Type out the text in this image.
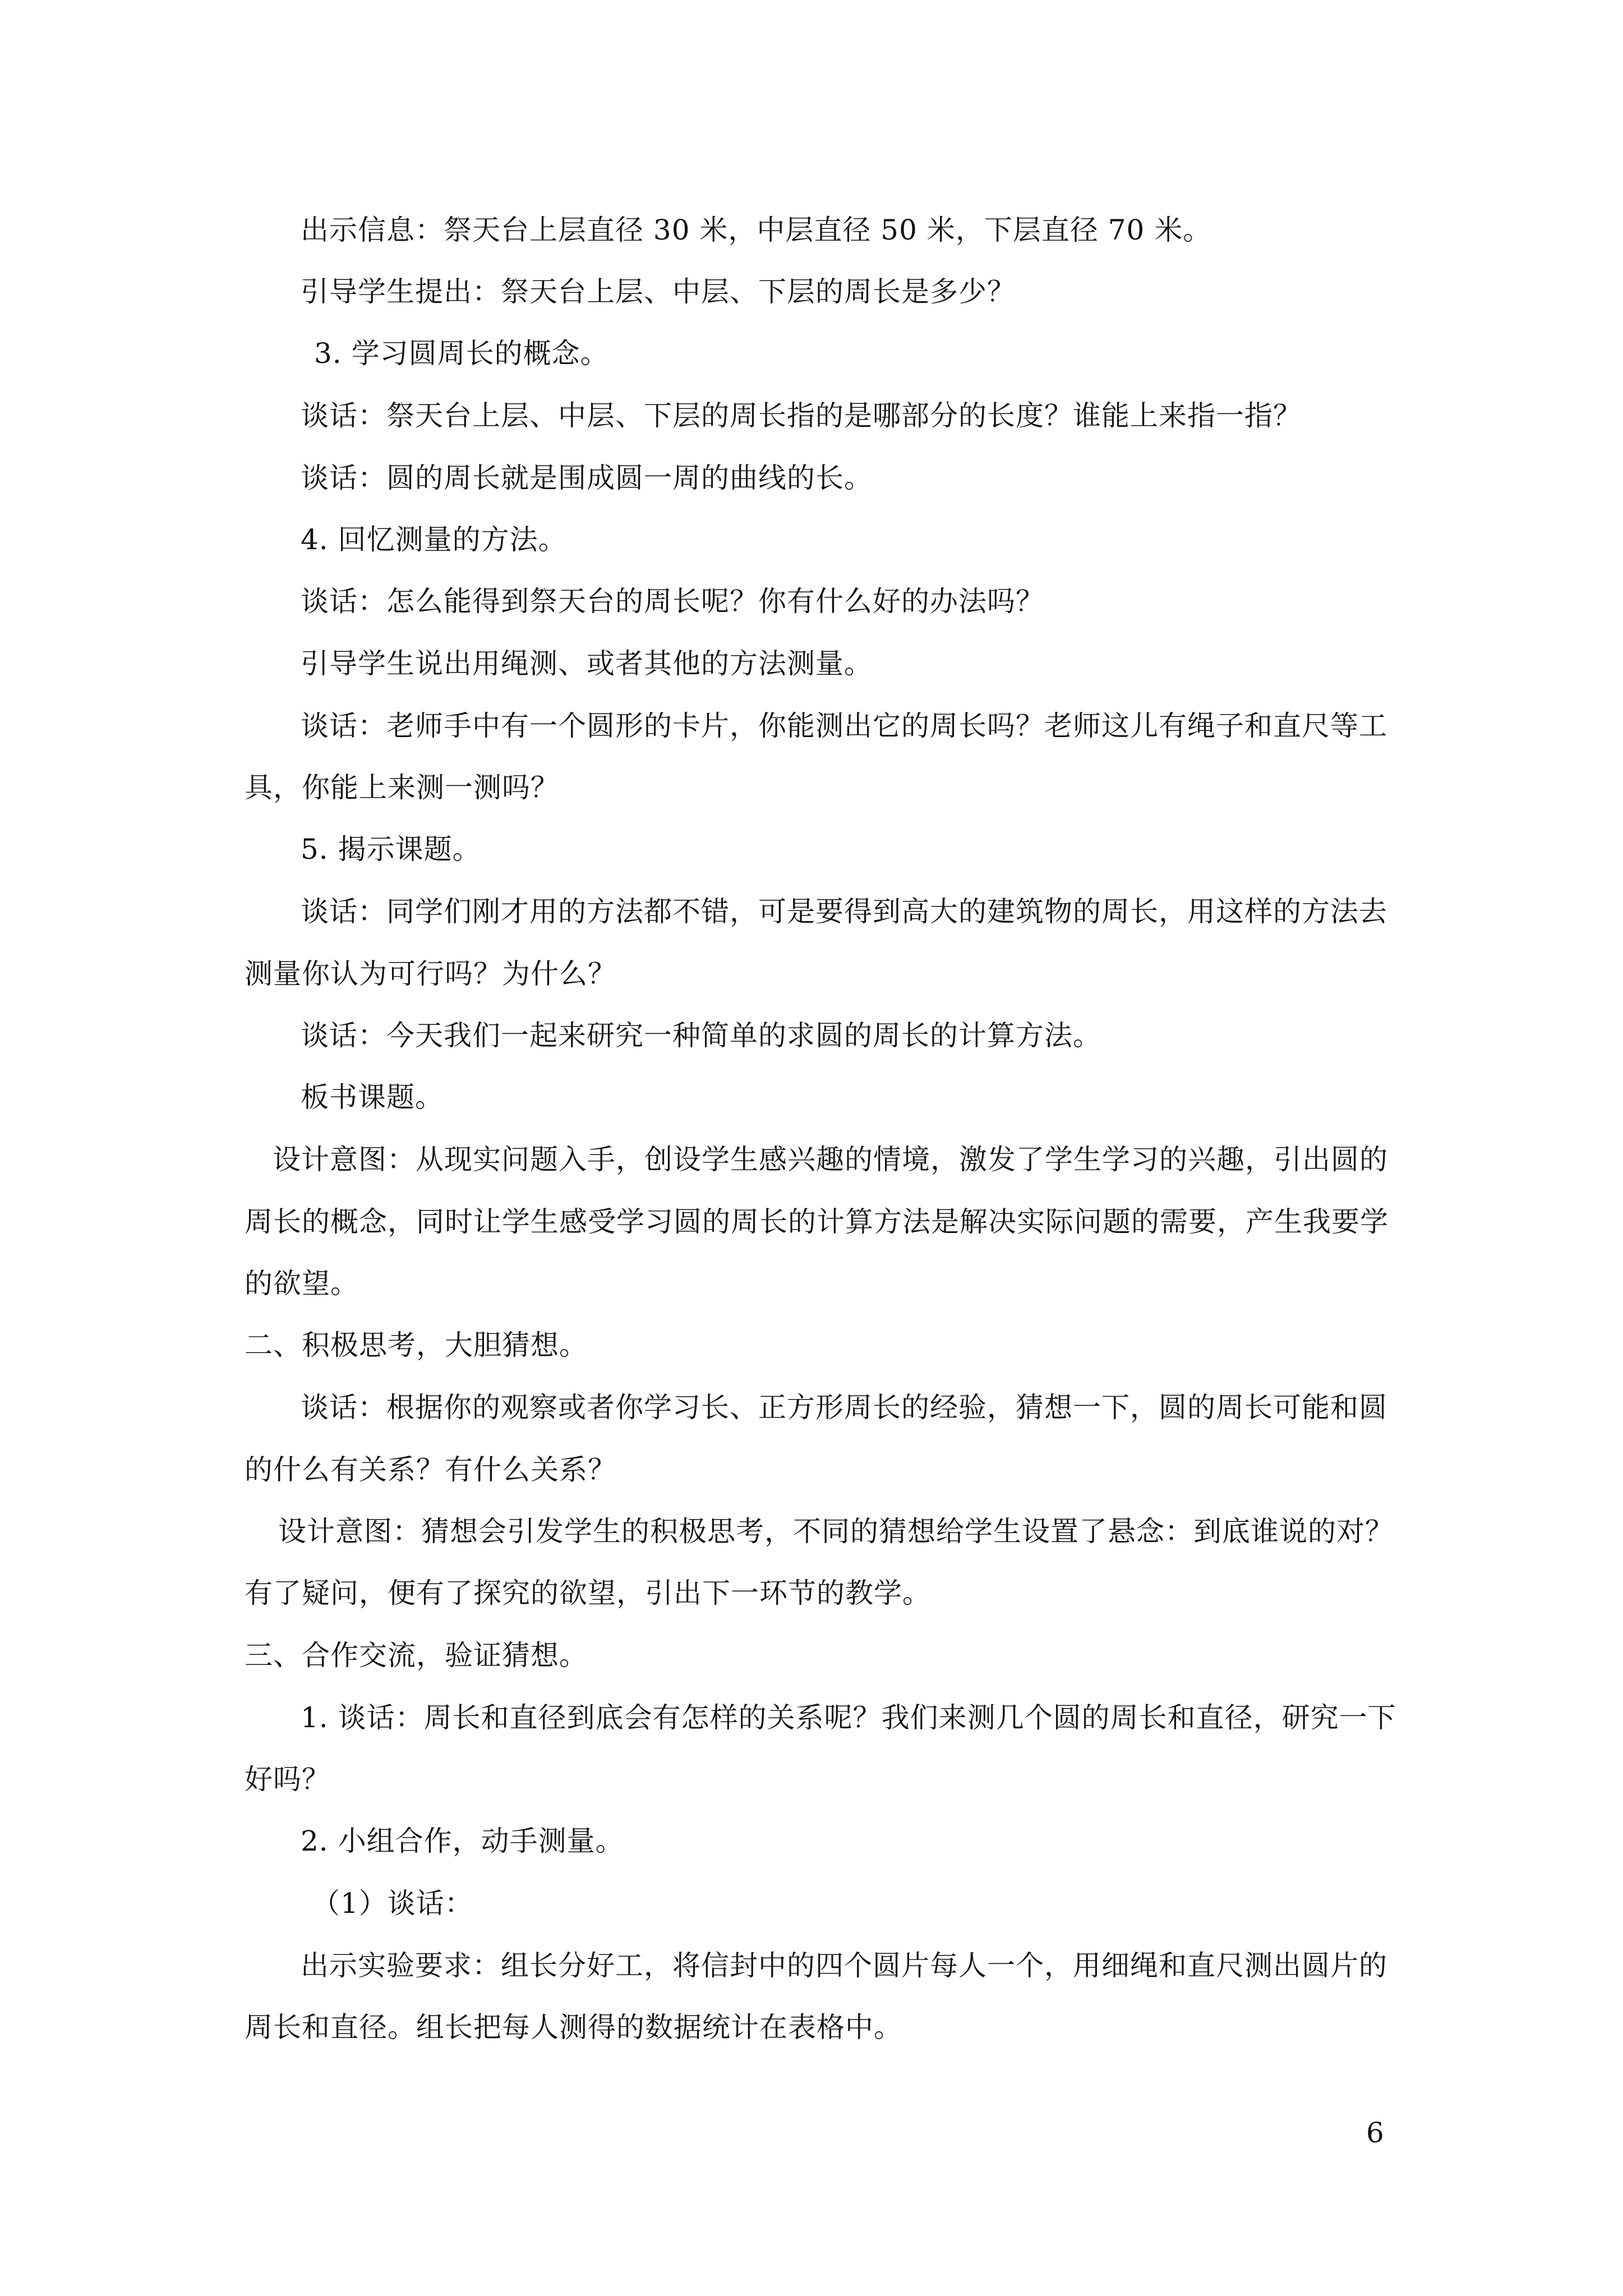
出示信息：祭天台上层直径 30 米，中层直径 50 米，下层直径 70 米。
引导学生提出：祭天台上层、中层、下层的周长是多少？
3. 学习圆周长的概念。
谈话：祭天台上层、中层、下层的周长指的是哪部分的长度？谁能上来指一指？
谈话：圆的周长就是围成圆一周的曲线的长。
4. 回忆测量的方法。
谈话：怎么能得到祭天台的周长呢？你有什么好的办法吗？
引导学生说出用绳测、或者其他的方法测量。
谈话：老师手中有一个圆形的卡片，你能测出它的周长吗？老师这儿有绳子和直尺等工
具，你能上来测一测吗？
5. 揭示课题。
谈话：同学们刚才用的方法都不错，可是要得到高大的建筑物的周长，用这样的方法去
测量你认为可行吗？为什么？
谈话：今天我们一起来研究一种简单的求圆的周长的计算方法。
板书课题。
设计意图：从现实问题入手，创设学生感兴趣的情境，激发了学生学习的兴趣，引出圆的
周长的概念，同时让学生感受学习圆的周长的计算方法是解决实际问题的需要，产生我要学
的欲望。
二、积极思考，大胆猜想。
谈话：根据你的观察或者你学习长、正方形周长的经验，猜想一下，圆的周长可能和圆
的什么有关系？有什么关系？
设计意图：猜想会引发学生的积极思考，不同的猜想给学生设置了悬念：到底谁说的对？
有了疑问，便有了探究的欲望，引出下一环节的教学。
三、合作交流，验证猜想。
1. 谈话：周长和直径到底会有怎样的关系呢？我们来测几个圆的周长和直径，研究一下
好吗？
2. 小组合作，动手测量。
（1）谈话：
出示实验要求：组长分好工，将信封中的四个圆片每人一个，用细绳和直尺测出圆片的
周长和直径。组长把每人测得的数据统计在表格中。
6
